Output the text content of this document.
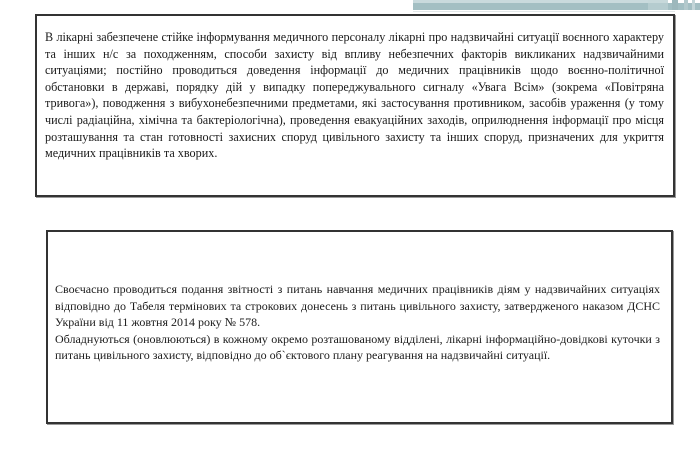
В лікарні забезпечене стійке інформування медичного персоналу лікарні про надзвичайні ситуації воєнного характеру та інших н/с за походженням, способи захисту від впливу небезпечних факторів викликаних надзвичайними ситуаціями; постійно проводиться доведення інформації до медичних працівників щодо воєнно-політичної обстановки в державі, порядку дій у випадку попереджувального сигналу «Увага Всім» (зокрема «Повітряна тривога»), поводження з вибухонебезпечними предметами, які застосування противником, засобів ураження (у тому числі радіаційна, хімічна та бактеріологічна), проведення евакуаційних заходів, оприлюднення інформації про місця розташування та стан готовності захисних споруд цивільного захисту та інших споруд, призначених для укриття медичних працівників та хворих.

Своєчасно проводиться подання звітності з питань навчання медичних працівників діям у надзвичайних ситуаціях відповідно до Табеля термінових та строкових донесень з питань цивільного захисту, затвердженого наказом ДСНС України від 11 жовтня 2014 року № 578.

Обладнуються (оновлюються) в кожному окремо розташованому відділені, лікарні інформаційно-довідкові куточки з питань цивільного захисту, відповідно до об`єктового плану реагування на надзвичайні ситуації.
